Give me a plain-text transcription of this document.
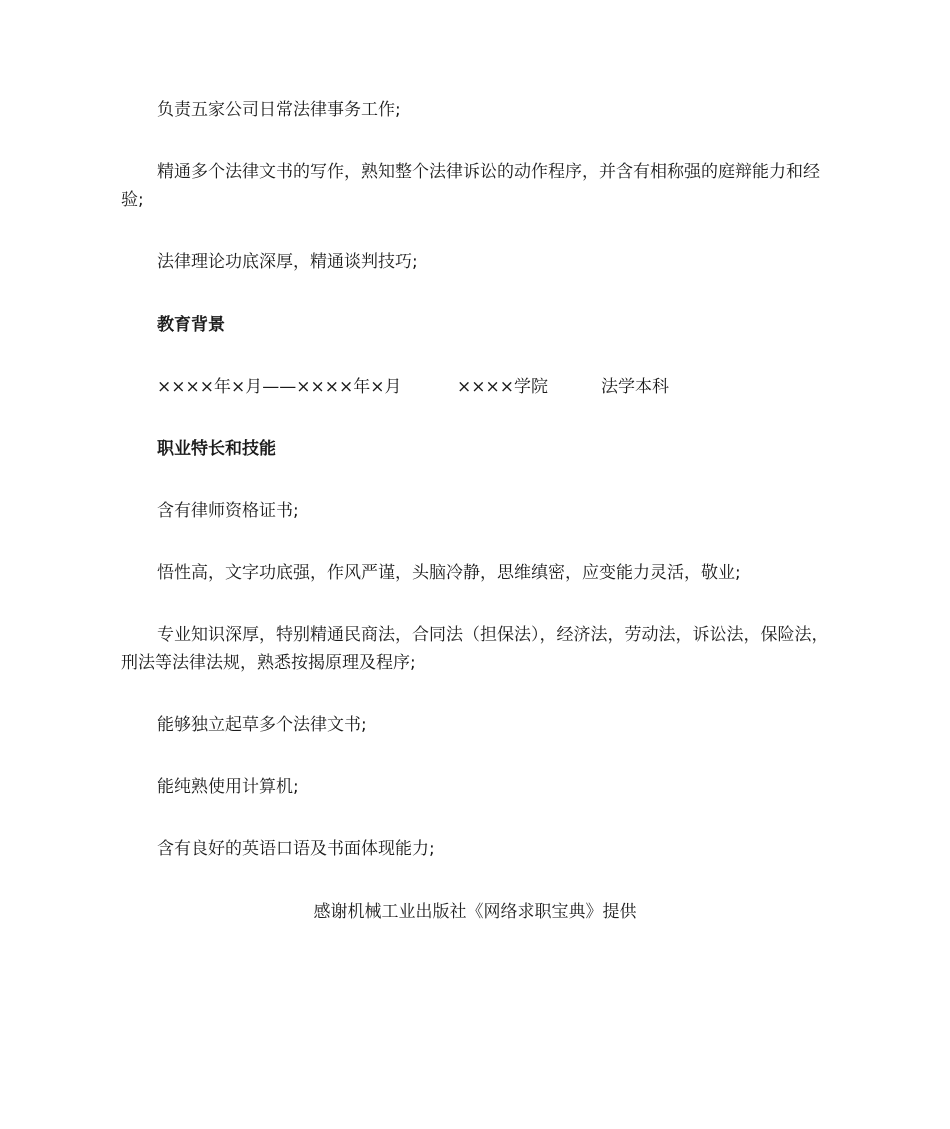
负责五家公司日常法律事务工作;

精通多个法律文书的写作，熟知整个法律诉讼的动作程序，并含有相称强的庭辩能力和经验;

法律理论功底深厚，精通谈判技巧;

教育背景

××××年×月——××××年×月	××××学院	法学本科

职业特长和技能

含有律师资格证书;

悟性高，文字功底强，作风严谨，头脑冷静，思维缜密，应变能力灵活，敬业;

专业知识深厚，特别精通民商法，合同法（担保法），经济法，劳动法，诉讼法，保险法，刑法等法律法规，熟悉按揭原理及程序;

能够独立起草多个法律文书;

能纯熟使用计算机;

含有良好的英语口语及书面体现能力;

感谢机械工业出版社《网络求职宝典》提供
